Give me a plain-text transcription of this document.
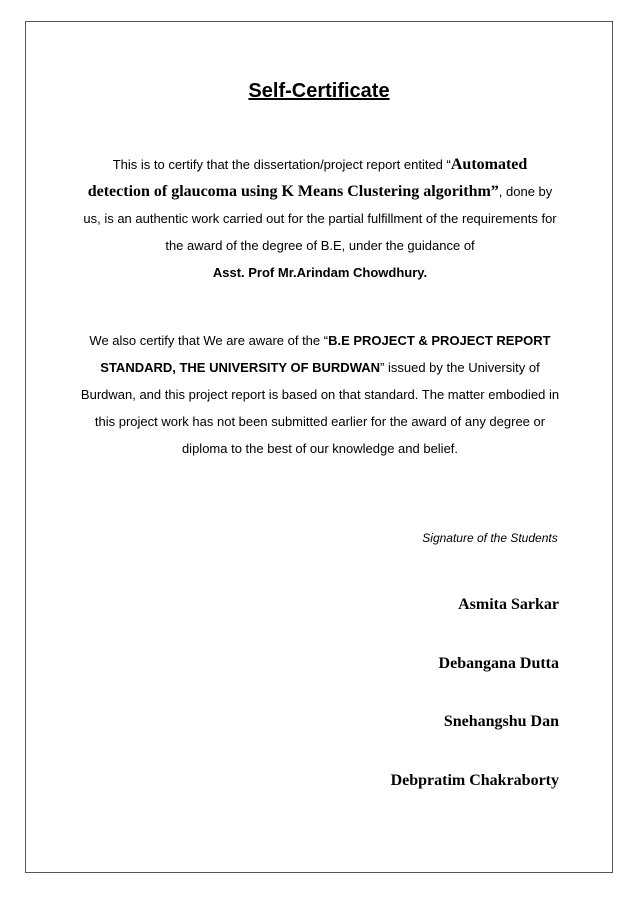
Self-Certificate

This is to certify that the dissertation/project report entited “Automated detection of glaucoma using K Means Clustering algorithm”, done by us, is an authentic work carried out for the partial fulfillment of the requirements for the award of the degree of B.E, under the guidance of
Asst. Prof Mr.Arindam Chowdhury.

We also certify that We are aware of the “B.E PROJECT & PROJECT REPORT STANDARD, THE UNIVERSITY OF BURDWAN” issued by the University of Burdwan, and this project report is based on that standard. The matter embodied in this project work has not been submitted earlier for the award of any degree or diploma to the best of our knowledge and belief.

Signature of the Students

Asmita Sarkar

Debangana Dutta

Snehangshu Dan

Debpratim Chakraborty
